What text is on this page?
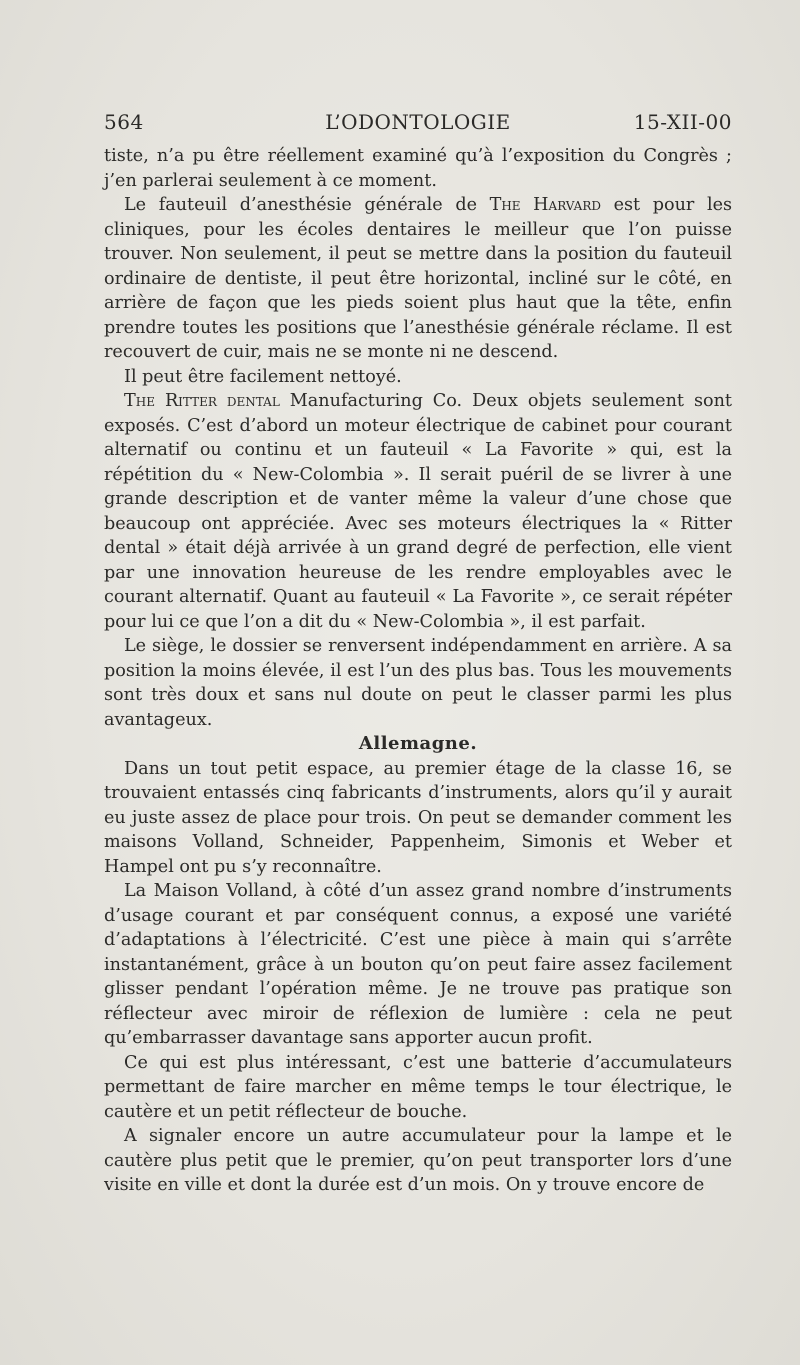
564	L’ODONTOLOGIE	15-XII-00

tiste, n’a pu être réellement examiné qu’à l’exposition du Congrès ; j’en parlerai seulement à ce moment.

Le fauteuil d’anesthésie générale de The Harvard est pour les cliniques, pour les écoles dentaires le meilleur que l’on puisse trouver. Non seulement, il peut se mettre dans la position du fauteuil ordinaire de dentiste, il peut être horizontal, incliné sur le côté, en arrière de façon que les pieds soient plus haut que la tête, enfin prendre toutes les positions que l’anesthésie générale réclame. Il est recouvert de cuir, mais ne se monte ni ne descend.

Il peut être facilement nettoyé.

The Ritter dental Manufacturing Co. Deux objets seulement sont exposés. C’est d’abord un moteur électrique de cabinet pour courant alternatif ou continu et un fauteuil « La Favorite » qui, est la répétition du « New-Colombia ». Il serait puéril de se livrer à une grande description et de vanter même la valeur d’une chose que beaucoup ont appréciée. Avec ses moteurs électriques la « Ritter dental » était déjà arrivée à un grand degré de perfection, elle vient par une innovation heureuse de les rendre employables avec le courant alternatif. Quant au fauteuil « La Favorite », ce serait répéter pour lui ce que l’on a dit du « New-Colombia », il est parfait.

Le siège, le dossier se renversent indépendamment en arrière. A sa position la moins élevée, il est l’un des plus bas. Tous les mouvements sont très doux et sans nul doute on peut le classer parmi les plus avantageux.

Allemagne.

Dans un tout petit espace, au premier étage de la classe 16, se trouvaient entassés cinq fabricants d’instruments, alors qu’il y aurait eu juste assez de place pour trois. On peut se demander comment les maisons Volland, Schneider, Pappenheim, Simonis et Weber et Hampel ont pu s’y reconnaître.

La Maison Volland, à côté d’un assez grand nombre d’instruments d’usage courant et par conséquent connus, a exposé une variété d’adaptations à l’électricité. C’est une pièce à main qui s’arrête instantanément, grâce à un bouton qu’on peut faire assez facilement glisser pendant l’opération même. Je ne trouve pas pratique son réflecteur avec miroir de réflexion de lumière : cela ne peut qu’embarrasser davantage sans apporter aucun profit.

Ce qui est plus intéressant, c’est une batterie d’accumulateurs permettant de faire marcher en même temps le tour électrique, le cautère et un petit réflecteur de bouche.

A signaler encore un autre accumulateur pour la lampe et le cautère plus petit que le premier, qu’on peut transporter lors d’une visite en ville et dont la durée est d’un mois. On y trouve encore de
